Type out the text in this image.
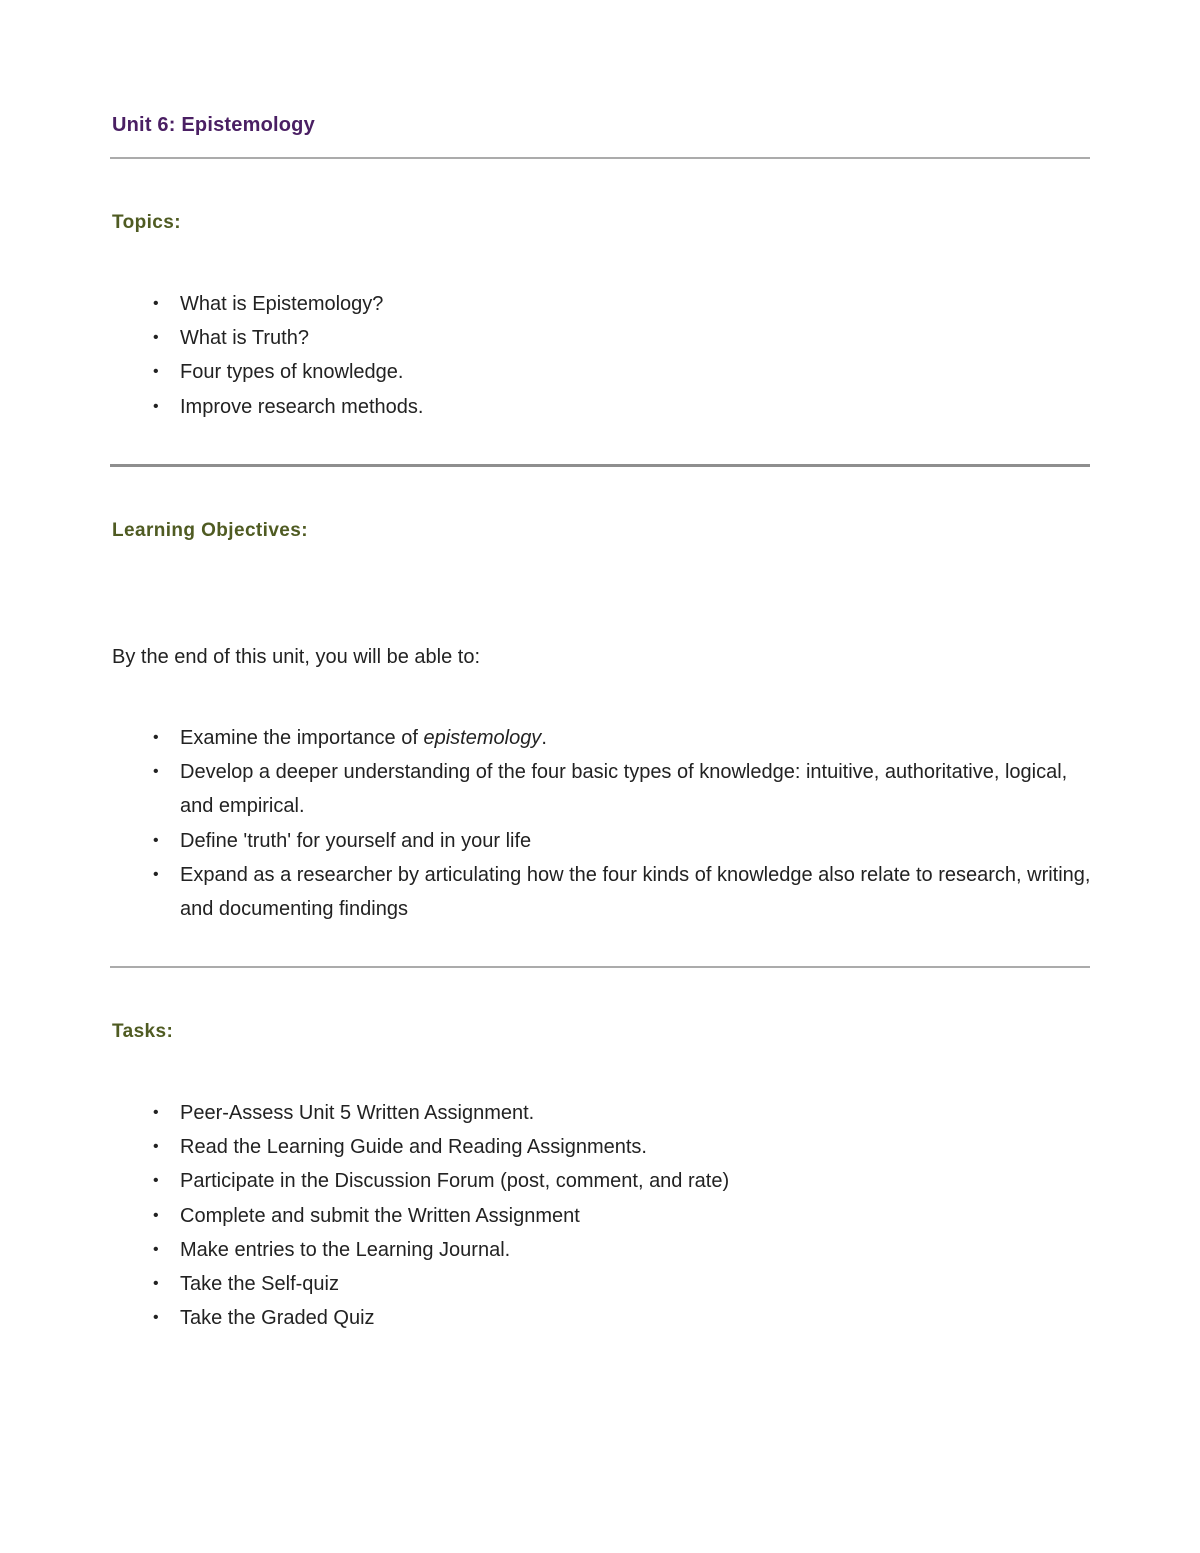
Unit 6: Epistemology
Topics:
• What is Epistemology?
• What is Truth?
• Four types of knowledge.
• Improve research methods.
Learning Objectives:

By the end of this unit, you will be able to:

• Examine the importance of epistemology.
• Develop a deeper understanding of the four basic types of knowledge: intuitive, authoritative, logical, and empirical.
• Define 'truth' for yourself and in your life
• Expand as a researcher by articulating how the four kinds of knowledge also relate to research, writing, and documenting findings
Tasks:
• Peer-Assess Unit 5 Written Assignment.
• Read the Learning Guide and Reading Assignments.
• Participate in the Discussion Forum (post, comment, and rate)
• Complete and submit the Written Assignment
• Make entries to the Learning Journal.
• Take the Self-quiz
• Take the Graded Quiz
